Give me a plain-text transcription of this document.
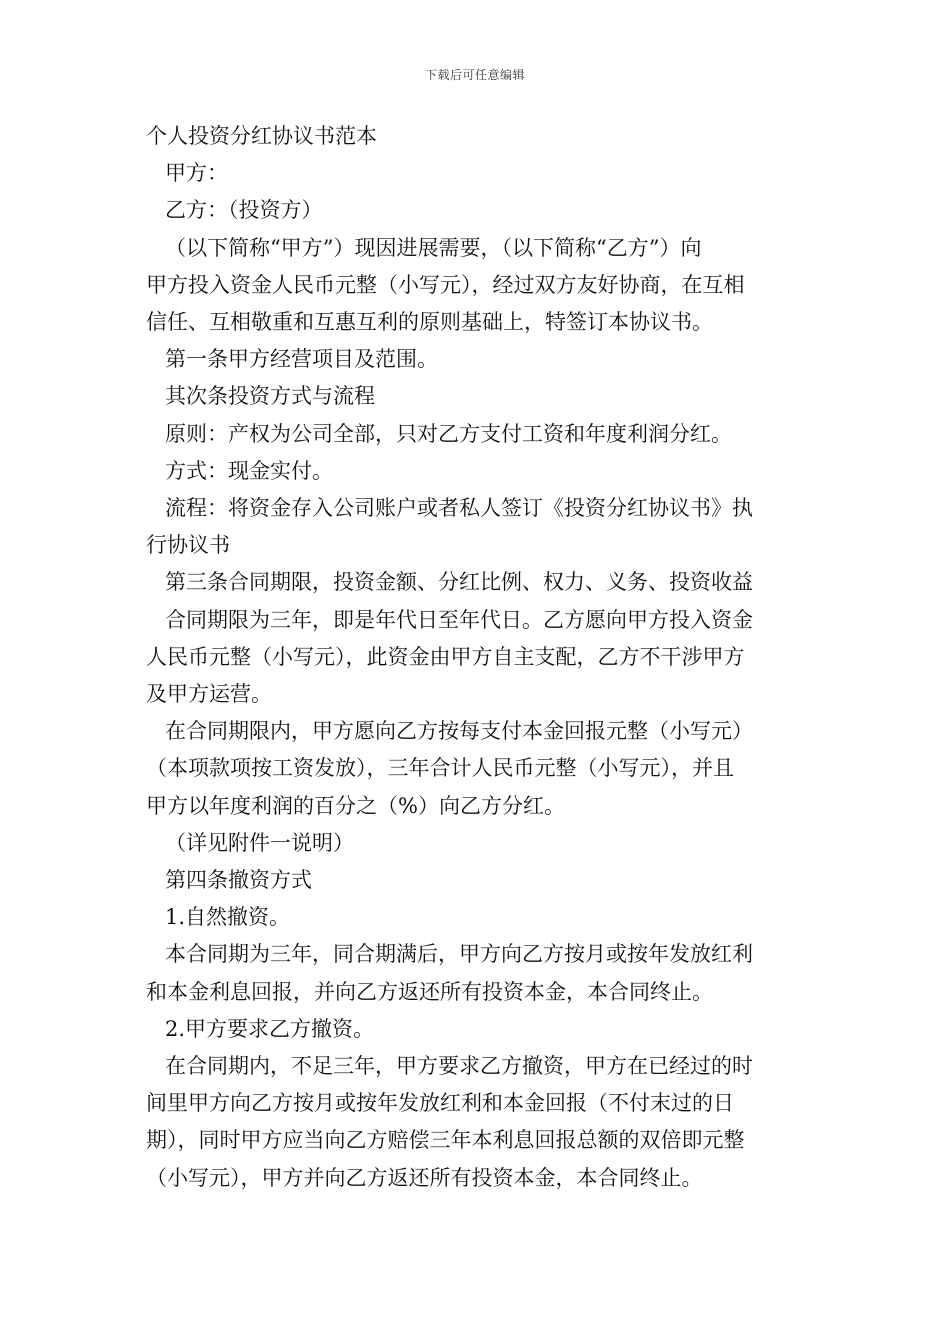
下载后可任意编辑

个人投资分红协议书范本

甲方：

乙方：（投资方）

（以下简称“甲方”）现因进展需要，（以下简称“乙方”）向

甲方投入资金人民币元整（小写元），经过双方友好协商，在互相

信任、互相敬重和互惠互利的原则基础上，特签订本协议书。

第一条甲方经营项目及范围。

其次条投资方式与流程

原则：产权为公司全部，只对乙方支付工资和年度利润分红。

方式：现金实付。

流程：将资金存入公司账户或者私人签订《投资分红协议书》执

行协议书

第三条合同期限，投资金额、分红比例、权力、义务、投资收益

合同期限为三年，即是年代日至年代日。乙方愿向甲方投入资金

人民币元整（小写元），此资金由甲方自主支配，乙方不干涉甲方

及甲方运营。

在合同期限内，甲方愿向乙方按每支付本金回报元整（小写元）

（本项款项按工资发放），三年合计人民币元整（小写元），并且

甲方以年度利润的百分之（%）向乙方分红。

（详见附件一说明）

第四条撤资方式

1.自然撤资。

本合同期为三年，同合期满后，甲方向乙方按月或按年发放红利

和本金利息回报，并向乙方返还所有投资本金，本合同终止。

2.甲方要求乙方撤资。

在合同期内，不足三年，甲方要求乙方撤资，甲方在已经过的时

间里甲方向乙方按月或按年发放红利和本金回报（不付末过的日

期），同时甲方应当向乙方赔偿三年本利息回报总额的双倍即元整

（小写元），甲方并向乙方返还所有投资本金，本合同终止。
